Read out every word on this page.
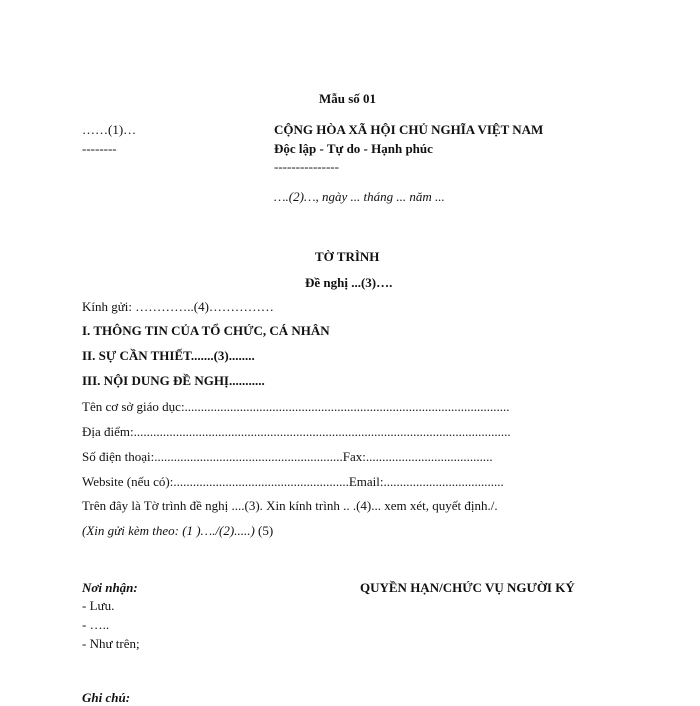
Mẫu số 01
……(1)…
--------
CỘNG HÒA XÃ HỘI CHỦ NGHĨA VIỆT NAM
Độc lập - Tự do - Hạnh phúc
---------------
….(2)…, ngày ... tháng ... năm ...
TỜ TRÌNH
Đề nghị ...(3)….
Kính gửi: …………..(4)……………
I. THÔNG TIN CỦA TỔ CHỨC, CÁ NHÂN
II. SỰ CẦN THIẾT.......(3)........
III. NỘI DUNG ĐỀ NGHỊ...........
Tên cơ sở giáo dục:....................................................................................................
Địa điểm:....................................................................................................................
Số điện thoại:..........................................................Fax:.......................................
Website (nếu có):......................................................Email:.....................................
Trên đây là Tờ trình đề nghị ....(3). Xin kính trình .. .(4)... xem xét, quyết định./.
(Xin gửi kèm theo: (1 )…./(2).....) (5)
Nơi nhận:
- Lưu.
- …..
- Như trên;
QUYỀN HẠN/CHỨC VỤ NGƯỜI KÝ
Ghi chú:
